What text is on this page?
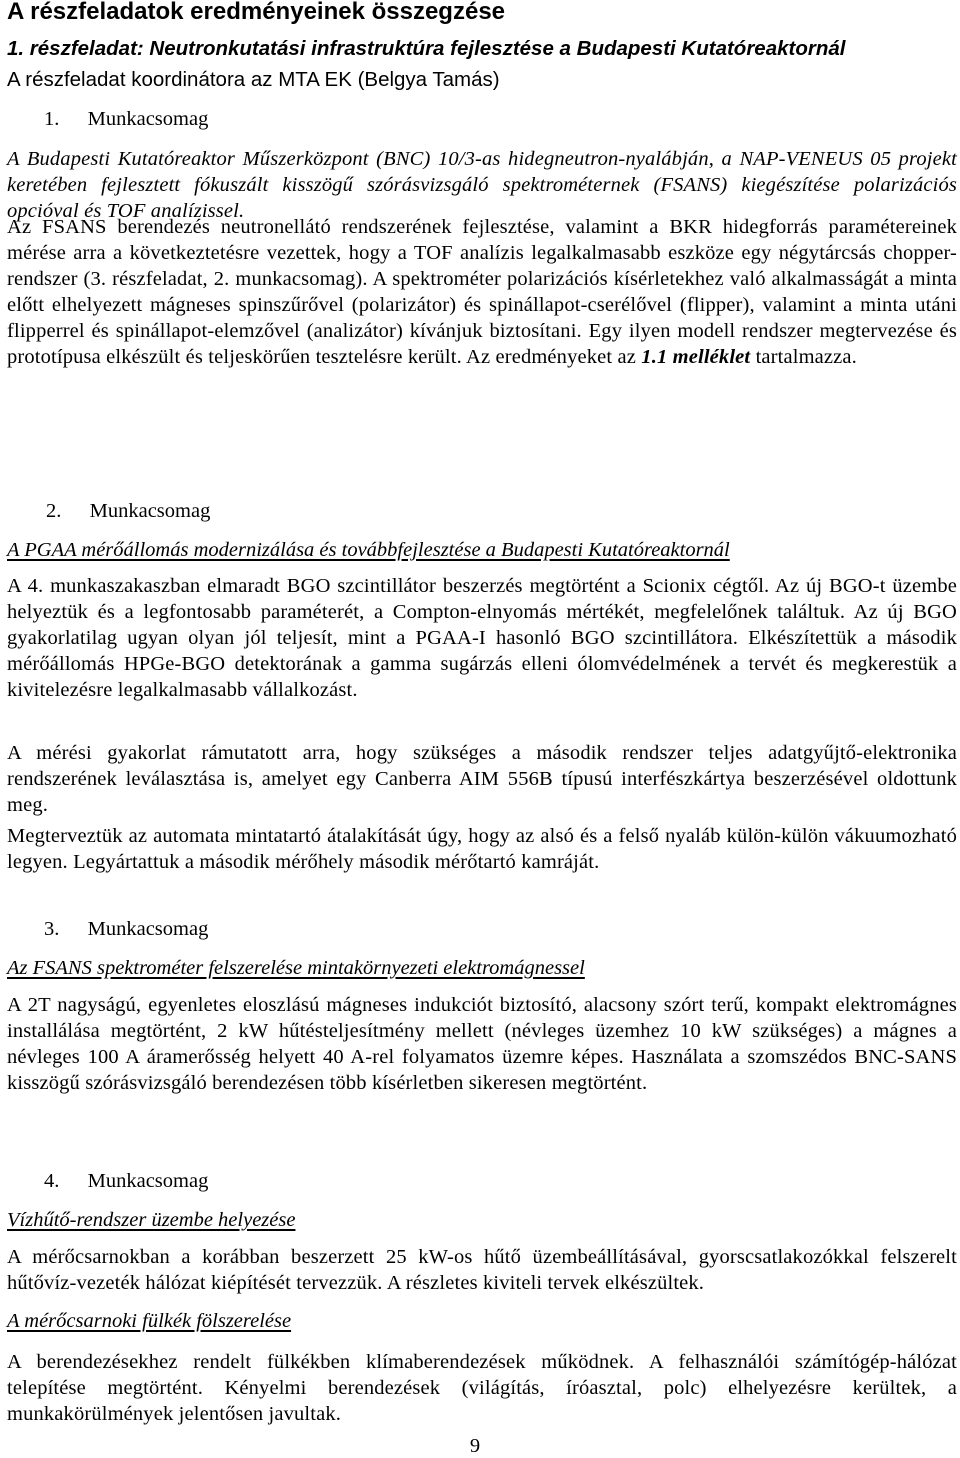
A részfeladatok eredményeinek összegzése
1. részfeladat: Neutronkutatási infrastruktúra fejlesztése a Budapesti Kutatóreaktornál
A részfeladat koordinátora az MTA EK (Belgya Tamás)
1. Munkacsomag
A Budapesti Kutatóreaktor Műszerközpont (BNC) 10/3-as hidegneutron-nyalábján, a NAP-VENEUS 05 projekt keretében fejlesztett fókuszált kisszögű szórásvizsgáló spektrométernek (FSANS) kiegészítése polarizációs opcióval és TOF analízissel.
Az FSANS berendezés neutronellátó rendszerének fejlesztése, valamint a BKR hidegforrás paramétereinek mérése arra a következtetésre vezettek, hogy a TOF analízis legalkalmasabb eszköze egy négytárcsás chopper-rendszer (3. részfeladat, 2. munkacsomag). A spektrométer polarizációs kísérletekhez való alkalmasságát a minta előtt elhelyezett mágneses spinszűrővel (polarizátor) és spinállapot-cserélővel (flipper), valamint a minta utáni flipperrel és spinállapot-elemzővel (analizátor) kívánjuk biztosítani. Egy ilyen modell rendszer megtervezése és prototípusa elkészült és teljeskörűen tesztelésre került. Az eredményeket az 1.1 melléklet tartalmazza.
2. Munkacsomag
A PGAA mérőállomás modernizálása és továbbfejlesztése a Budapesti Kutatóreaktornál
A 4. munkaszakaszban elmaradt BGO szcintillátor beszerzés megtörtént a Scionix cégtől. Az új BGO-t üzembe helyeztük és a legfontosabb paraméterét, a Compton-elnyomás mértékét, megfelelőnek találtuk. Az új BGO gyakorlatilag ugyan olyan jól teljesít, mint a PGAA-I hasonló BGO szcintillátora. Elkészítettük a második mérőállomás HPGe-BGO detektorának a gamma sugárzás elleni ólomvédelmének a tervét és megkerestük a kivitelezésre legalkalmasabb vállalkozást.
A mérési gyakorlat rámutatott arra, hogy szükséges a második rendszer teljes adatgyűjtő-elektronika rendszerének leválasztása is, amelyet egy Canberra AIM 556B típusú interfészkártya beszerzésével oldottunk meg.
Megterveztük az automata mintatartó átalakítását úgy, hogy az alsó és a felső nyaláb külön-külön vákuumozható legyen. Legyártattuk a második mérőhely második mérőtartó kamráját.
3. Munkacsomag
Az FSANS spektrométer felszerelése mintakörnyezeti elektromágnessel
A 2T nagyságú, egyenletes eloszlású mágneses indukciót biztosító, alacsony szórt terű, kompakt elektromágnes installálása megtörtént, 2 kW hűtésteljesítmény mellett (névleges üzemhez 10 kW szükséges) a mágnes a névleges 100 A áramerősség helyett 40 A-rel folyamatos üzemre képes. Használata a szomszédos BNC-SANS kisszögű szórásvizsgáló berendezésen több kísérletben sikeresen megtörtént.
4. Munkacsomag
Vízhűtő-rendszer üzembe helyezése
A mérőcsarnokban a korábban beszerzett 25 kW-os hűtő üzembeállításával, gyorscsatlakozókkal felszerelt hűtővíz-vezeték hálózat kiépítését tervezzük. A részletes kiviteli tervek elkészültek.
A mérőcsarnoki fülkék fölszerelése
A berendezésekhez rendelt fülkékben klímaberendezések működnek. A felhasználói számítógép-hálózat telepítése megtörtént. Kényelmi berendezések (világítás, íróasztal, polc) elhelyezésre kerültek, a munkakörülmények jelentősen javultak.
9
